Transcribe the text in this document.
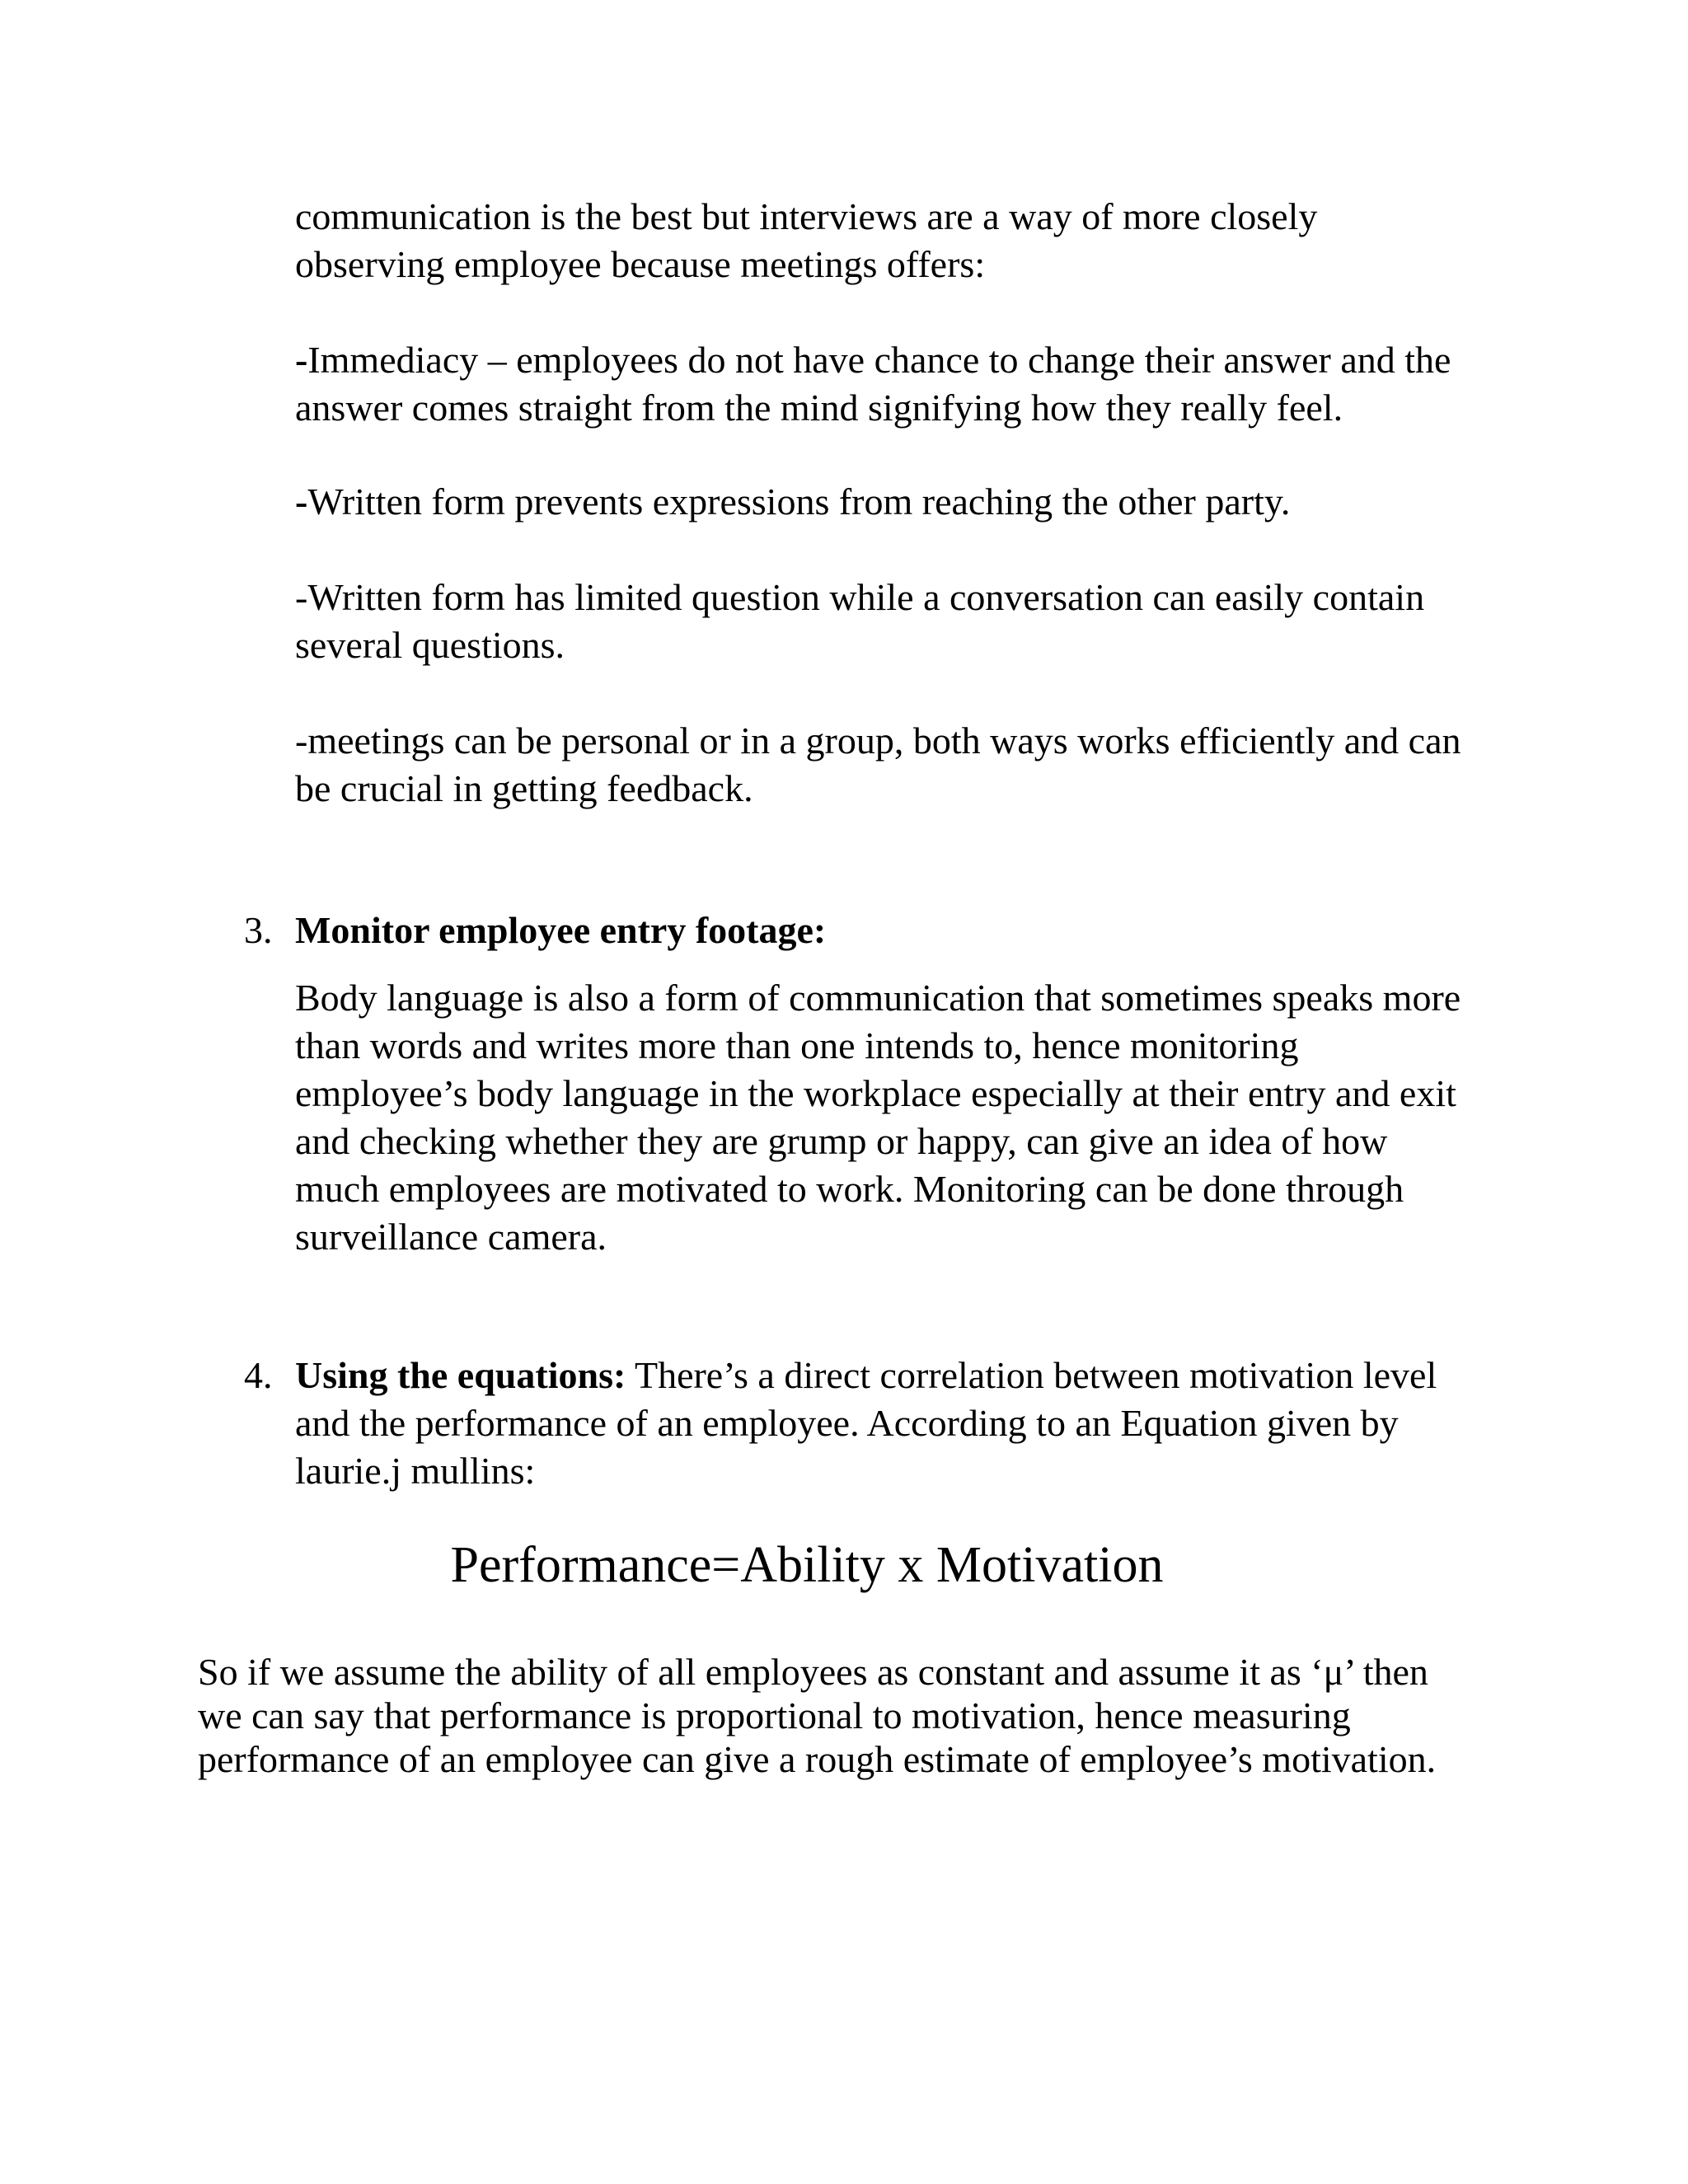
communication is the best but interviews are a way of more closely
observing employee because meetings offers:

-Immediacy – employees do not have chance to change their answer and the
answer comes straight from the mind signifying how they really feel.

-Written form prevents expressions from reaching the other party.

-Written form has limited question while a conversation can easily contain
several questions.

-meetings can be personal or in a group, both ways works efficiently and can
be crucial in getting feedback.

3. Monitor employee entry footage:

Body language is also a form of communication that sometimes speaks more
than words and writes more than one intends to, hence monitoring
employee’s body language in the workplace especially at their entry and exit
and checking whether they are grump or happy, can give an idea of how
much employees are motivated to work. Monitoring can be done through
surveillance camera.

4. Using the equations: There’s a direct correlation between motivation level
and the performance of an employee. According to an Equation given by
laurie.j mullins:

Performance=Ability x Motivation

So if we assume the ability of all employees as constant and assume it as ‘μ’ then
we can say that performance is proportional to motivation, hence measuring
performance of an employee can give a rough estimate of employee’s motivation.
